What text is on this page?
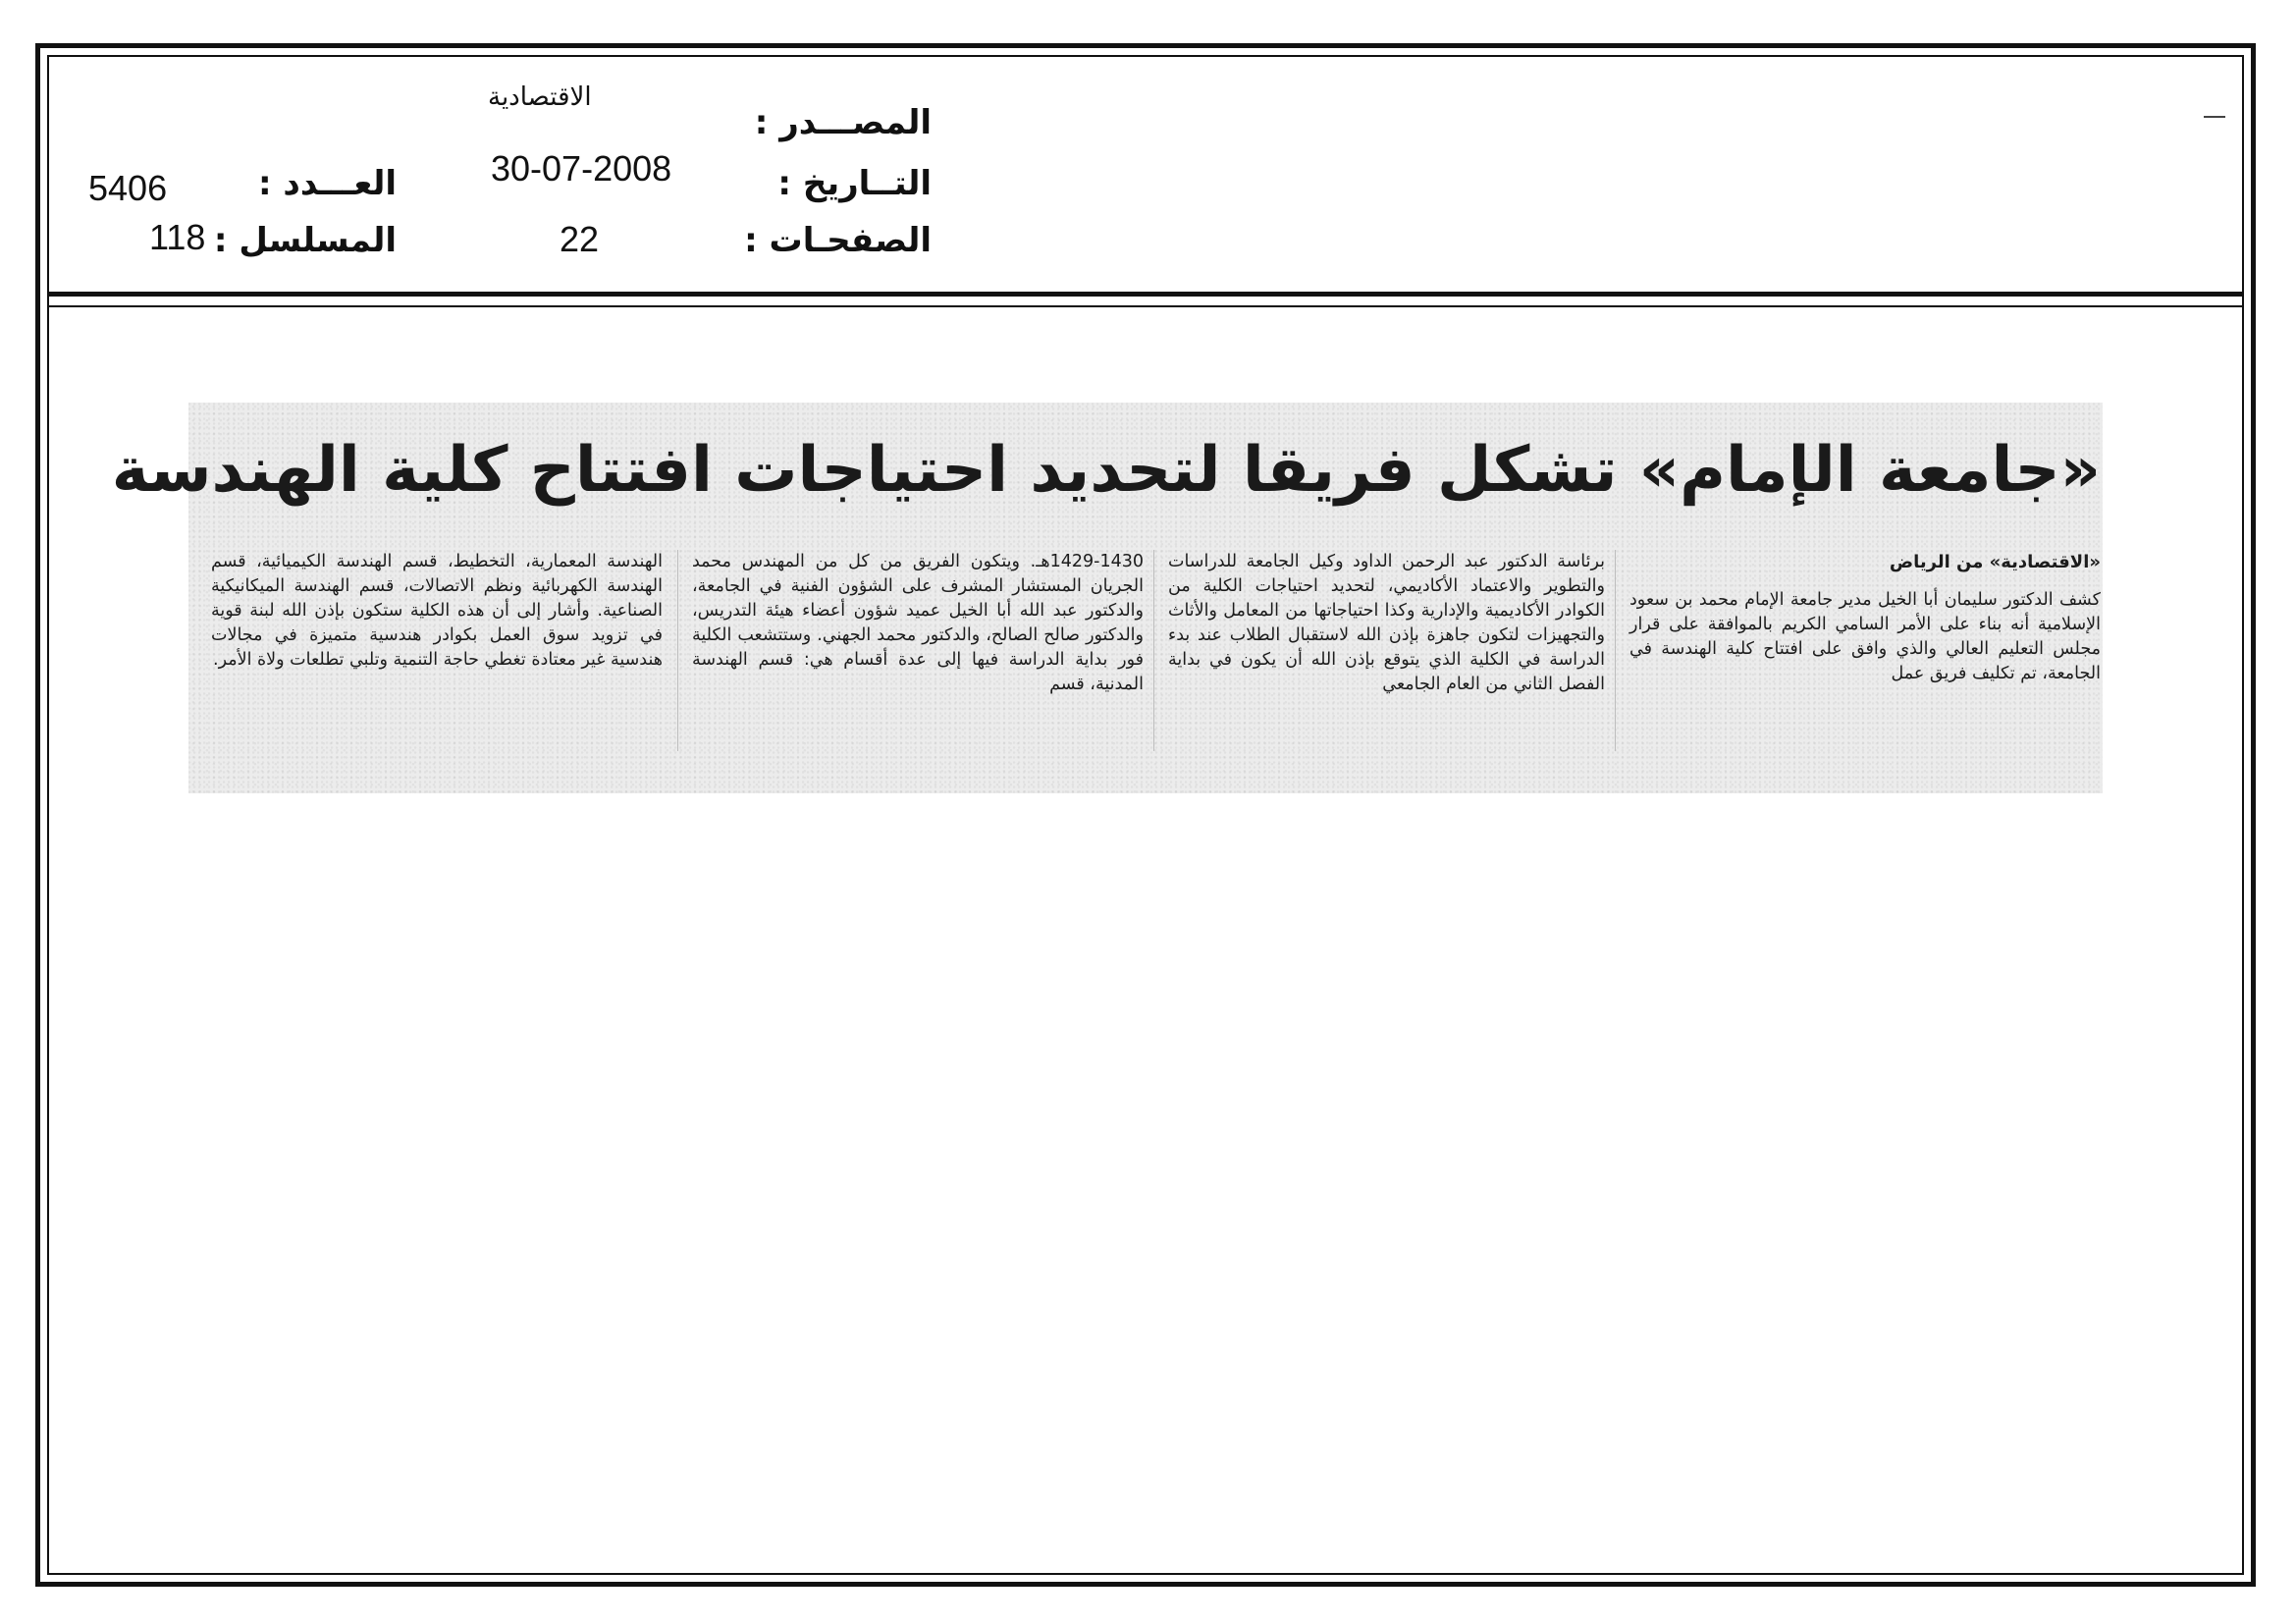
المصـــدر :
التــاريخ :
الصفحـات :
الاقتصادية
30-07-2008
22
العـــدد :
المسلسل :
5406
118
«جامعة الإمام» تشكل فريقا لتحديد احتياجات افتتاح كلية الهندسة
«الاقتصادية» من الرياض

كشف الدكتور سليمان أبا الخيل مدير جامعة الإمام محمد بن سعود الإسلامية أنه بناء على الأمر السامي الكريم بالموافقة على قرار مجلس التعليم العالي والذي وافق على افتتاح كلية الهندسة في الجامعة، تم تكليف فريق عمل

برئاسة الدكتور عبد الرحمن الداود وكيل الجامعة للدراسات والتطوير والاعتماد الأكاديمي، لتحديد احتياجات الكلية من الكوادر الأكاديمية والإدارية وكذا احتياجاتها من المعامل والأثاث والتجهيزات لتكون جاهزة بإذن الله لاستقبال الطلاب عند بدء الدراسة في الكلية الذي يتوقع بإذن الله أن يكون في بداية الفصل الثاني من العام الجامعي

1429-1430هـ. ويتكون الفريق من كل من المهندس محمد الجريان المستشار المشرف على الشؤون الفنية في الجامعة، والدكتور عبد الله أبا الخيل عميد شؤون أعضاء هيئة التدريس، والدكتور صالح الصالح، والدكتور محمد الجهني. وستتشعب الكلية فور بداية الدراسة فيها إلى عدة أقسام هي: قسم الهندسة المدنية، قسم

الهندسة المعمارية، التخطيط، قسم الهندسة الكيميائية، قسم الهندسة الكهربائية ونظم الاتصالات، قسم الهندسة الميكانيكية الصناعية. وأشار إلى أن هذه الكلية ستكون بإذن الله لبنة قوية في تزويد سوق العمل بكوادر هندسية متميزة في مجالات هندسية غير معتادة تغطي حاجة التنمية وتلبي تطلعات ولاة الأمر.
